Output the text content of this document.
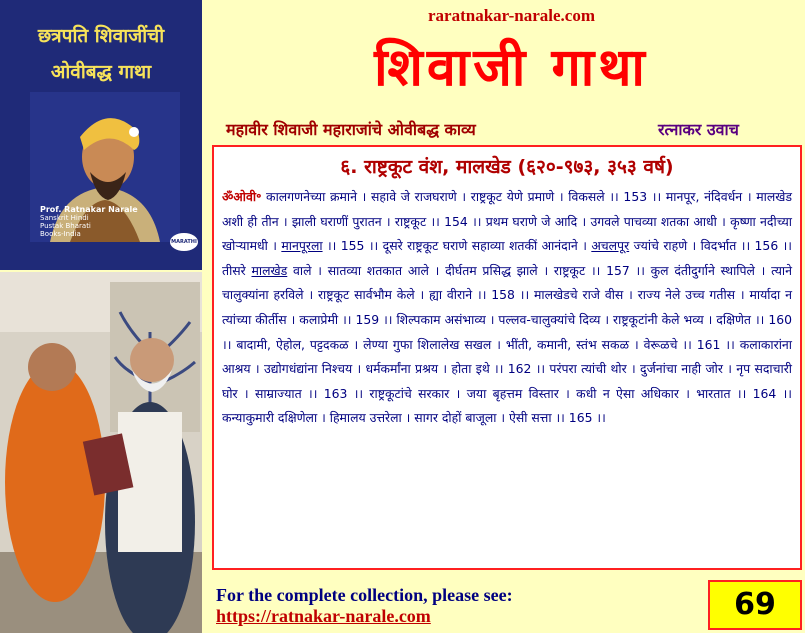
छत्रपति शिवाजींची
ओवीबद्ध गाथा
Prof. Ratnakar Narale
Sanskrit Hindi
Pustak Bharati
Books-India
MARATHI
raratnakar-narale.com
शिवाजी गाथा
महावीर शिवाजी महाराजांचे ओवीबद्ध काव्य	रत्नाकर उवाच
६. राष्ट्रकूट वंश, मालखेड (६२०-९७३, ३५३ वर्ष)
ॐओवी॰ कालगणनेच्या क्रमाने । सहावे जे राजघराणे । राष्ट्रकूट येणे प्रमाणे । विकसले ।। 153 ।। मानपूर, नंदिवर्धन । मालखेड अशी ही तीन । झाली घराणीं पुरातन । राष्ट्रकूट ।। 154 ।। प्रथम घराणे जे आदि । उगवले पाचव्या शतका आधी । कृष्णा नदीच्या खोऱ्यामधी । मानपूरला ।। 155 ।। दूसरे राष्ट्रकूट घराणे सहाव्या शतकीं आनंदाने । अचलपूर ज्यांचे राहणे । विदर्भात ।। 156 ।। तीसरे मालखेड वाले । सातव्या शतकात आले । दीर्घतम प्रसिद्ध झाले । राष्ट्रकूट ।। 157 ।। कुल दंतीदुर्गाने स्थापिले । त्याने चालुक्यांना हरविले । राष्ट्रकूट सार्वभौम केले । ह्या वीराने ।। 158 ।। मालखेडचे राजे वीस । राज्य नेले उच्च गतीस । मार्यादा न त्यांच्या कीर्तीस । कलाप्रेमी ।। 159 ।। शिल्पकाम असंभाव्य । पल्लव-चालुक्यांचे दिव्य । राष्ट्रकूटांनी केले भव्य । दक्षिणेत ।। 160 ।। बादामी, ऐहोल, पट्टदकळ । लेण्या गुफा शिलालेख सखल । भींती, कमानी, स्तंभ सकळ । वेरूळचे ।। 161 ।। कलाकारांना आश्रय । उद्योगधंद्यांना निश्चय । धर्मकर्मांना प्रश्रय । होता इथे ।। 162 ।। परंपरा त्यांची थोर । दुर्जनांचा नाही जोर । नृप सदाचारी घोर । साम्राज्यात ।। 163 ।। राष्ट्रकूटांचे सरकार । जया बृहत्तम विस्तार । कधी न ऐसा अधिकार । भारतात ।। 164 ।। कन्याकुमारी दक्षिणेला । हिमालय उत्तरेला । सागर दोहों बाजूला । ऐसी सत्ता ।। 165 ।।
For the complete collection, please see:
https://ratnakar-narale.com	69
